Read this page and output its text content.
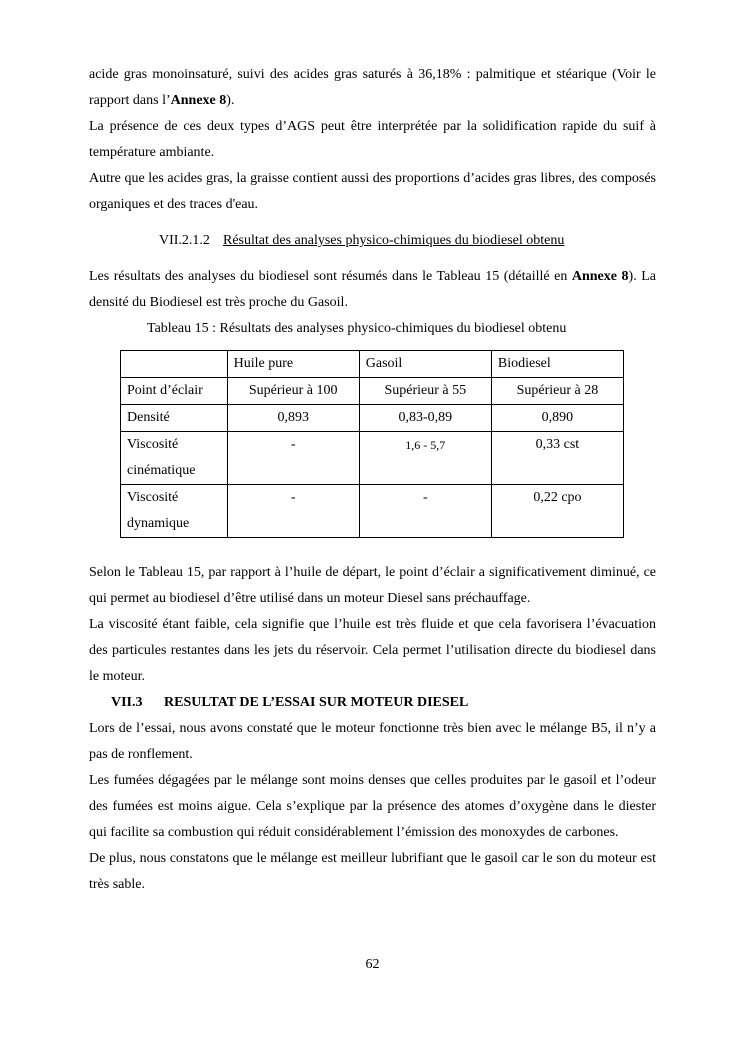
acide gras monoinsaturé, suivi des acides gras saturés à 36,18% : palmitique et stéarique (Voir le rapport dans l’Annexe 8).

La présence de ces deux types d’AGS peut être interprétée par la solidification rapide du suif à température ambiante.

Autre que les acides gras, la graisse contient aussi des proportions d’acides gras libres, des composés organiques et des traces d'eau.

VII.2.1.2 Résultat des analyses physico-chimiques du biodiesel obtenu

Les résultats des analyses du biodiesel sont résumés dans le Tableau 15 (détaillé en Annexe 8). La densité du Biodiesel est très proche du Gasoil.

Tableau 15 : Résultats des analyses physico-chimiques du biodiesel obtenu
	Huile pure	Gasoil	Biodiesel
Point d’éclair	Supérieur à 100	Supérieur à 55	Supérieur à 28
Densité	0,893	0,83-0,89	0,890
Viscosité cinématique	-	1,6 - 5,7	0,33 cst
Viscosité dynamique	-	-	0,22 cpo

Selon le Tableau 15, par rapport à l’huile de départ, le point d’éclair a significativement diminué, ce qui permet au biodiesel d’être utilisé dans un moteur Diesel sans préchauffage.

La viscosité étant faible, cela signifie que l’huile est très fluide et que cela favorisera l’évacuation des particules restantes dans les jets du réservoir. Cela permet l’utilisation directe du biodiesel dans le moteur.

VII.3 RESULTAT DE L’ESSAI SUR MOTEUR DIESEL

Lors de l’essai, nous avons constaté que le moteur fonctionne très bien avec le mélange B5, il n’y a pas de ronflement.

Les fumées dégagées par le mélange sont moins denses que celles produites par le gasoil et l’odeur des fumées est moins aigue. Cela s’explique par la présence des atomes d’oxygène dans le diester qui facilite sa combustion qui réduit considérablement l’émission des monoxydes de carbones.

De plus, nous constatons que le mélange est meilleur lubrifiant que le gasoil car le son du moteur est très sable.

62
